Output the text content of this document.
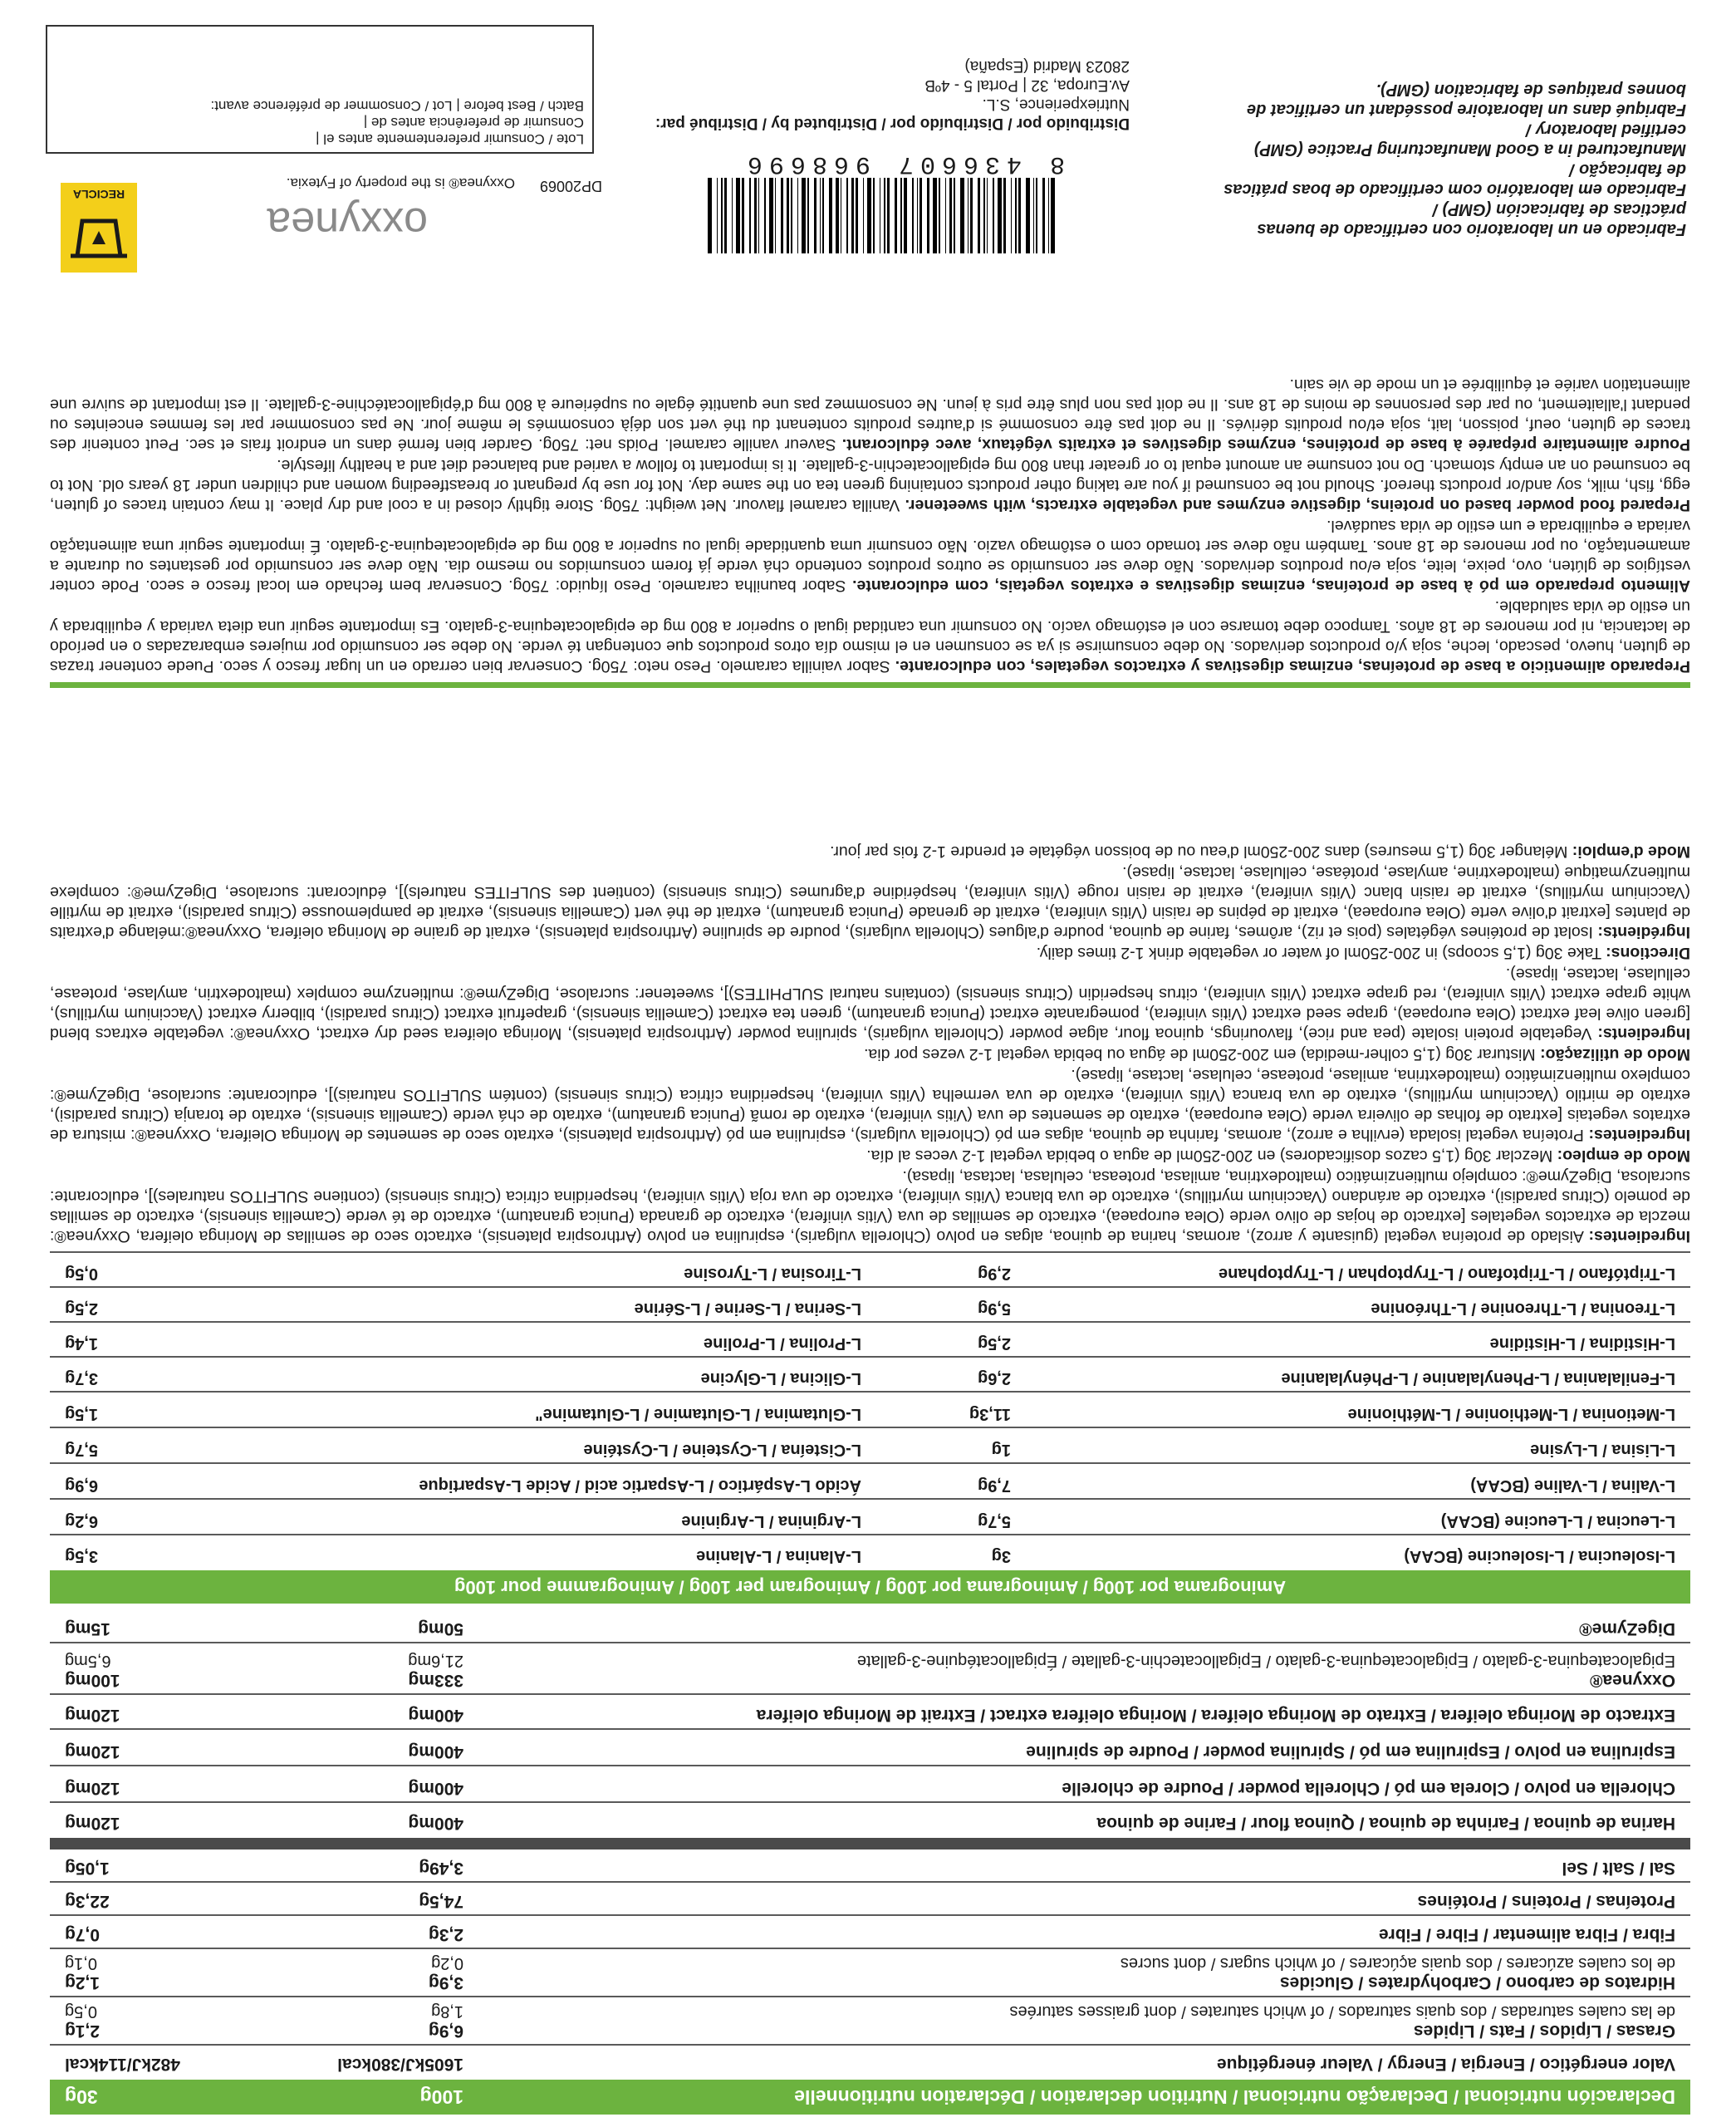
Declaración nutricional / Declaração nutricional / Nutrition declaration / Déclaration nutritionnelle
100g
30g
Valor energético / Energia / Energy / Valeur énergétique
1605kJ/380kcal
482kJ/114kcal
Grasas / Lípidos / Fats / Lipides
de las cuales saturadas / dos quais saturados / of which saturates / dont graisses saturées
6,9g
1,8g
2,1g
0,5g
Hidratos de carbono / Carbohydrates / Glucides
de los cuales azúcares / dos quais açúcares / of which sugars / dont sucres
3,9g
0,2g
1,2g
0,1g
Fibra / Fibra alimentar / Fibre / Fibre
2,3g
0,7g
Proteínas / Proteins / Protéines
74,5g
22,3g
Sal / Salt / Sel
3,49g
1,05g
Harina de quinoa / Farinha de quinoa / Quinoa flour / Farine de quinoa
400mg
120mg
Chlorella en polvo / Clorela em pó / Chlorella powder / Poudre de chlorelle
400mg
120mg
Espirulina en polvo / Espirulina em pó / Spirulina powder / Poudre de spiruline
400mg
120mg
Extracto de Moringa oleifera / Extrato de Moringa oleifera / Moringa oleifera extract / Extrait de Moringa oleifera
400mg
120mg
Oxxynea®
Epigalocatequina-3-galato / Epigalocatequina-3-galato / Epigallocatechin-3-gallate / Épigallocatéquine-3-gallate
333mg
21,6mg
100mg
6,5mg
DigeZyme®
50mg
15mg
Aminograma por 100g / Aminograma por 100g / Aminogram per 100g / Aminogramme pour 100g
L-Isoleucina / L-Isoleucine (BCAA)
3g
L-Alanina / L-Alanine
3,5g
L-Leucina / L-Leucine (BCAA)
5,7g
L-Arginina / L-Arginine
6,2g
L-Valina / L-Valine (BCAA)
7,9g
Ácido L-Aspártico / L-Aspartic acid / Acide L-Aspartique
6,9g
L-Lisina / L-Lysine
1g
L-Cisteína / L-Cysteine / L-Cystéine
5,7g
L-Metionina / L-Methionine / L-Méthionine
11,3g
L-Glutamina / L-Glutamine / L-Glutamine"
1,5g
L-Fenilalanina / L-Phenylalanine / L-Phénylalanine
2,6g
L-Glicina / L-Glycine
3,7g
L-Histidina / L-Histidine
2,5g
L-Prolina / L-Proline
1,4g
L-Treonina / L-Threonine / L-Thréonine
5,9g
L-Serina / L-Serine / L-Sérine
2,5g
L-Triptófano / L-Triptofano / L-Tryptophan / L-Tryptophane
2,9g
L-Tirosina / L-Tyrosine
0,5g

Ingredientes: Aislado de proteína vegetal (guisante y arroz), aromas, harina de quinoa, algas en polvo (Chlorella vulgaris), espirulina en polvo (Arthrospira platensis), extracto seco de semillas de Moringa oleifera, Oxxynea®: mezcla de extractos vegetales [extracto de hojas de olivo verde (Olea europaea), extracto de semillas de uva (Vitis vinifera), extracto de granada (Punica granatum), extracto de té verde (Camellia sinensis), extracto de semillas de pomelo (Citrus paradisi), extracto de arándano (Vaccinium myrtillus), extracto de uva blanca (Vitis vinifera), extracto de uva roja (Vitis vinifera), hesperidina cítrica (Citrus sinensis) (contiene SULFITOS naturales)], edulcorante: sucralosa, DigeZyme®: complejo multienzimático (maltodextrina, amilasa, proteasa, celulasa, lactasa, lipasa).

Modo de empleo: Mezclar 30g (1,5 cazos dosificadores) en 200-250ml de agua o bebida vegetal 1-2 veces al día.

Ingredientes: Proteína vegetal isolada (ervilha e arroz), aromas, farinha de quinoa, algas em pó (Chlorella vulgaris), espirulina em pó (Arthrospira platensis), extrato seco de sementes de Moringa Oleifera, Oxxynea®: mistura de extratos vegetais [extrato de folhas de oliveira verde (Olea europaea), extrato de sementes de uva (Vitis vinifera), extrato de romã (Punica granatum), extrato de chá verde (Camellia sinensis), extrato de toranja (Citrus paradisi), extrato de mirtilo (Vaccinium myrtillus), extrato de uva branca (Vitis vinifera), extrato de uva vermelha (Vitis vinifera), hesperidina cítrica (Citrus sinensis) (contém SULFITOS naturais)], edulcorante: sucralose, DigeZyme®: complexo multienzimático (maltodextrina, amilase, protease, celulase, lactase, lipase).

Modo de utilização: Misturar 30g (1,5 colher-medida) em 200-250ml de água ou bebida vegetal 1-2 vezes por dia.

Ingredients: Vegetable protein isolate (pea and rice), flavourings, quinoa flour, algae powder (Chlorella vulgaris), spirulina powder (Arthrospira platensis), Moringa oleifera seed dry extract, Oxxynea®: vegetable extracs blend [green olive leaf extract (Olea europaea), grape seed extract (Vitis vinifera), pomegranate extract (Punica granatum), green tea extract (Camellia sinensis), grapefruit extract (Citrus paradisi), bilberry extract (Vaccinium myrtillus), white grape extract (Vitis vinifera), red grape extract (Vitis vinifera), citrus hesperidin (Citrus sinensis) (contains natural SULPHITES)], sweetener: sucralose, DigeZyme®: multienzyme complex (maltodextrin, amylase, protease, cellulase, lactase, lipase).

Directions: Take 30g (1,5 scoops) in 200-250ml of water or vegetable drink 1-2 times daily.

Ingrédients: Isolat de protéines végétales (pois et riz), arômes, farine de quinoa, poudre d'algues (Chlorella vulgaris), poudre de spiruline (Arthrospira platensis), extrait de graine de Moringa oleifera, Oxxynea®:mélange d'extraits de plantes [extrait d'olive verte (Olea europaea), extrait de pépins de raisin (Vitis vinifera), extrait de grenade (Punica granatum), extrait de thé vert (Camellia sinensis), extrait de pamplemousse (Citrus paradisi), extrait de myrtille (Vaccinium myrtillus), extrait de raisin blanc (Vitis vinifera), extrait de raisin rouge (Vitis vinifera), hespéridine d'agrumes (Citrus sinensis) (contient des SULFITES naturels)], édulcorant: sucralose, DigeZyme®: complexe multienzymatique (maltodextrine, amylase, protéase, cellulase, lactase, lipase).

Mode d'emploi: Mélanger 30g (1,5 mesures) dans 200-250ml d'eau ou de boisson végétale et prendre 1-2 fois par jour.

Preparado alimenticio a base de proteínas, enzimas digestivas y extractos vegetales, con edulcorante. Sabor vainilla caramelo. Peso neto: 750g. Conservar bien cerrado en un lugar fresco y seco. Puede contener trazas de gluten, huevo, pescado, leche, soja y/o productos derivados. No debe consumirse si ya se consumen en el mismo día otros productos que contengan té verde. No debe ser consumido por mujeres embarazadas o en período de lactancia, ni por menores de 18 años. Tampoco debe tomarse con el estómago vacío. No consumir una cantidad igual o superior a 800 mg de epigalocatequina-3-galato. Es importante seguir una dieta variada y equilibrada y un estilo de vida saludable.

Alimento preparado em pó à base de proteínas, enzimas digestivas e extratos vegetais, com edulcorante. Sabor baunilha caramelo. Peso líquido: 750g. Conservar bem fechado em local fresco e seco. Pode conter vestígios de glúten, ovo, peixe, leite, soja e/ou produtos derivados. Não deve ser consumido se outros produtos contendo chá verde já forem consumidos no mesmo dia. Não deve ser consumido por gestantes ou durante a amamentação, ou por menores de 18 anos. Também não deve ser tomado com o estômago vazio. Não consumir uma quantidade igual ou superior a 800 mg de epigalocatequina-3-galato. É importante seguir uma alimentação variada e equilibrada e um estilo de vida saudável.

Prepared food powder based on proteins, digestive enzymes and vegetable extracts, with sweetener. Vanilla caramel flavour. Net weight: 750g. Store tightly closed in a cool and dry place. It may contain traces of gluten, egg, fish, milk, soy and/or products thereof. Should not be consumed if you are taking other products containing green tea on the same day. Not for use by pregnant or breastfeeding women and children under 18 years old. Not to be consumed on an empty stomach. Do not consume an amount equal to or greater than 800 mg epigallocatechin-3-gallate. It is important to follow a varied and balanced diet and a healthy lifestyle.

Poudre alimentaire préparée à base de protéines, enzymes digestives et extraits végétaux, avec édulcorant. Saveur vanille caramel. Poids net: 750g. Garder bien fermé dans un endroit frais et sec. Peut contenir des traces de gluten, oeuf, poisson, lait, soja et/ou produits dérivés. Il ne doit pas être consommé si d'autres produits contenant du thé vert son déjà consommés le même jour. Ne pas consommer par les femmes enceintes ou pendant l'allaitement, ou par des personnes de moins de 18 ans. Il ne doit pas non plus être pris à jeun. Ne consommez pas une quantité égale ou supérieure à 800 mg d'épigallocatéchine-3-gallate. Il est important de suivre une alimentation variée et équilibrée et un mode de vie sain.

Fabricado en un laboratorio con certificado de buenas
prácticas de fabricación (GMP) /
Fabricado em laboratório com certificado de boas práticas
de fabricação /
Manufactured in a Good Manufacturing Practice (GMP)
certified laboratory /
Fabriqué dans un laboratoire possédant un certificat de
bonnes pratiques de fabrication (GMP).
Distribuido por / Distribuído por / Distributed by / Distribué par:
Nutriexperience, S.L.
Av.Europa, 32 | Portal 5 - 4ºB
28023 Madrid (España)
8 436607 968696
oxxynea
Oxxynea® is the property of Fytexia. DP20069
RECICLA
Lote / Consumir preferentemente antes el |
Consumir de preferência antes de |
Batch / Best before | Lot / Consommer de préférence avant:
